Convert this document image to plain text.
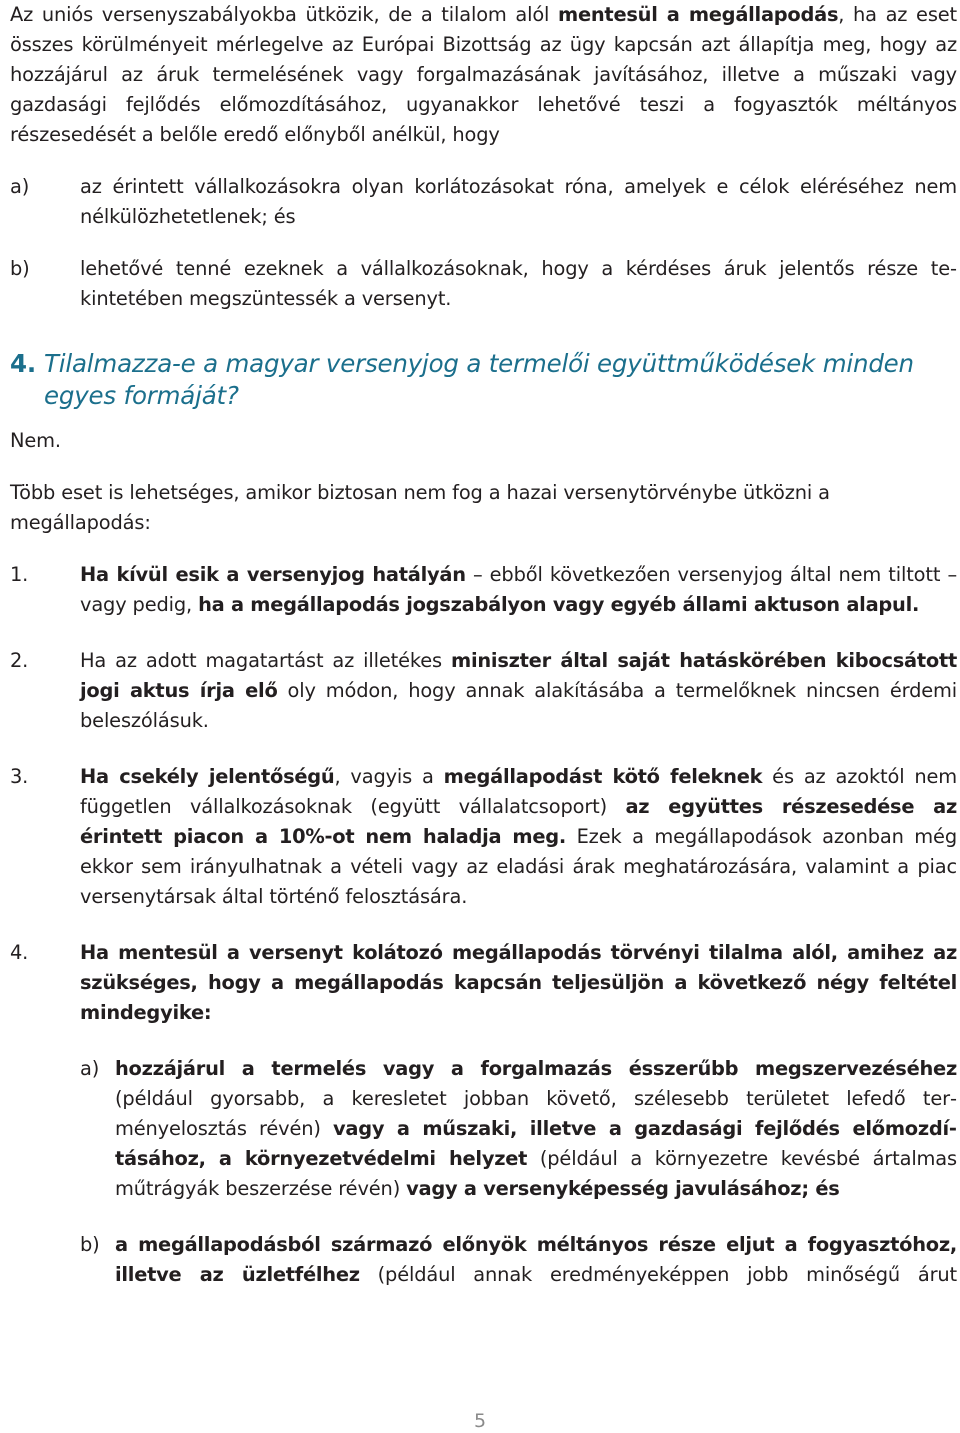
Az uniós versenyszabályokba ütközik, de a tilalom alól mentesül a megállapodás, ha az eset összes körülményeit mérlegelve az Európai Bizottság az ügy kapcsán azt állapítja meg, hogy az hozzájárul az áruk termelésének vagy forgalmazásának javításához, illetve a műszaki vagy gazdasági fejlődés előmozdításához, ugyanakkor lehetővé teszi a fogyasztók méltányos részesedését a belőle eredő előnyből anélkül, hogy

a)	az érintett vállalkozásokra olyan korlátozásokat róna, amelyek e célok eléréséhez nem nélkülözhetetlenek; és

b)	lehetővé tenné ezeknek a vállalkozásoknak, hogy a kérdéses áruk jelentős része tekintetében megszüntessék a versenyt.

4. Tilalmazza-e a magyar versenyjog a termelői együttműködések minden egyes formáját?

Nem.

Több eset is lehetséges, amikor biztosan nem fog a hazai versenytörvénybe ütközni a megállapodás:

1.	Ha kívül esik a versenyjog hatályán – ebből következően versenyjog által nem tiltott – vagy pedig, ha a megállapodás jogszabályon vagy egyéb állami aktuson alapul.

2.	Ha az adott magatartást az illetékes miniszter által saját hatáskörében kibocsátott jogi aktus írja elő oly módon, hogy annak alakításába a termelőknek nincsen érdemi beleszólásuk.

3.	Ha csekély jelentőségű, vagyis a megállapodást kötő feleknek és az azoktól nem független vállalkozásoknak (együtt vállalatcsoport) az együttes részesedése az érintett piacon a 10%-ot nem haladja meg. Ezek a megállapodások azonban még ekkor sem irányulhatnak a vételi vagy az eladási árak meghatározására, valamint a piac versenytársak által történő felosztására.

4.	Ha mentesül a versenyt kolátozó megállapodás törvényi tilalma alól, amihez az szükséges, hogy a megállapodás kapcsán teljesüljön a következő négy feltétel mindegyike:

a) hozzájárul a termelés vagy a forgalmazás ésszerűbb megszervezéséhez (például gyorsabb, a keresletet jobban követő, szélesebb területet lefedő terményelosztás révén) vagy a műszaki, illetve a gazdasági fejlődés előmozdításához, a környezetvédelmi helyzet (például a környezetre kevésbé ártalmas műtrágyák beszerzése révén) vagy a versenyképesség javulásához; és

b) a megállapodásból származó előnyök méltányos része eljut a fogyasztóhoz, illetve az üzletfélhez (például annak eredményeképpen jobb minőségű árut

5
